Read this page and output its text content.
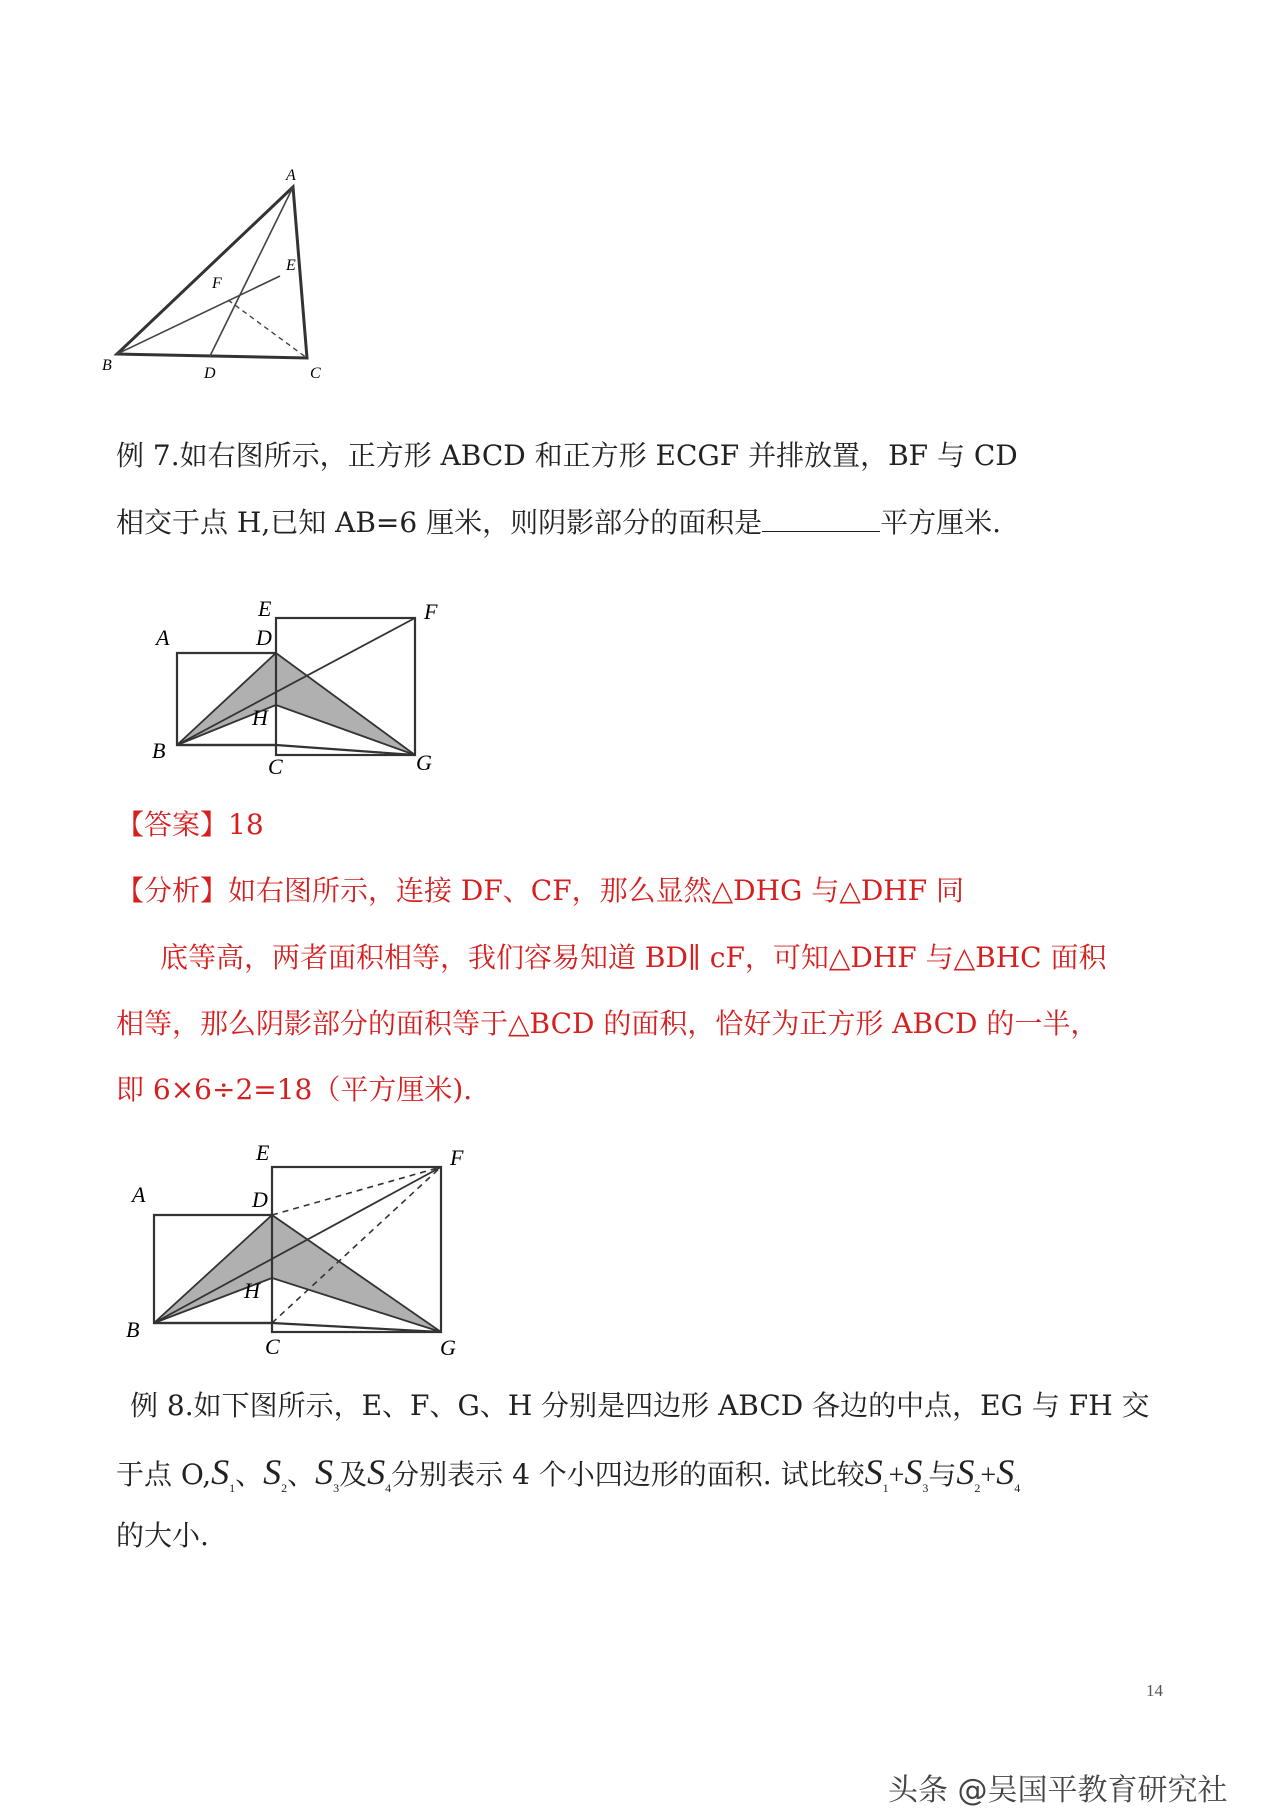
A
B	C
D
E
F
例 7.如右图所示，正方形 ABCD 和正方形 ECGF 并排放置，BF 与 CD
相交于点 H,已知 AB=6 厘米，则阴影部分的面积是	平方厘米.
A
B
C
D
E	F
G
H
【答案】18
【分析】如右图所示，连接 DF、CF，那么显然△DHG 与△DHF 同
底等高，两者面积相等，我们容易知道 BD∥ cF，可知△DHF 与△BHC 面积
相等，那么阴影部分的面积等于△BCD 的面积，恰好为正方形 ABCD 的一半，
即 6×6÷2=18（平方厘米).
A
B
C
D
E	F
G
H
例 8.如下图所示，E、F、G、H 分别是四边形 ABCD 各边的中点，EG 与 FH 交
于点 $O,S_1$、$S_2$、$S_3$及$S_4$分别表示 4 个小四边形的面积. 试比较$S_1+S_3$与$S_2+S_4$
的大小.
14
头条 @吴国平教育研究社
